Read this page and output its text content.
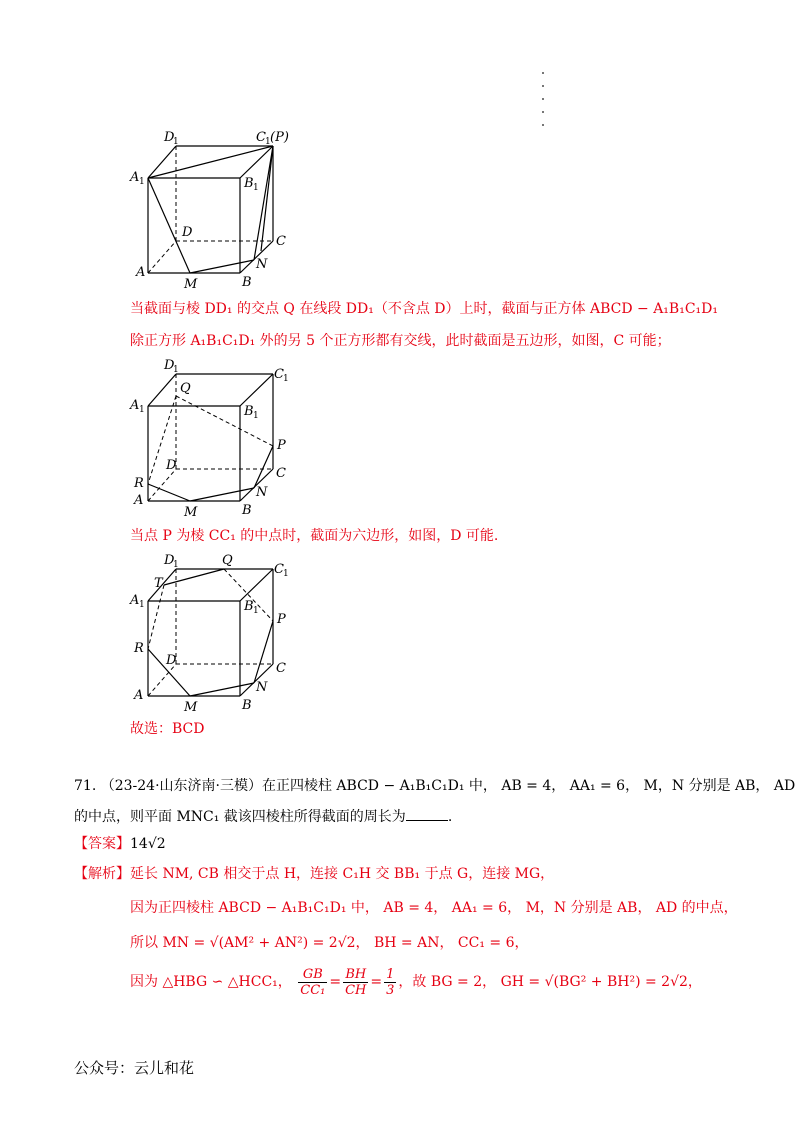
D
1	C 1 (P)
A 1	B 1
D
C
A
M	B
N
当截面与棱 DD₁ 的交点 Q 在线段 DD₁（不含点 D）上时，截面与正方体 ABCD − A₁B₁C₁D₁
除正方形 A₁B₁C₁D₁ 外的另 5 个正方形都有交线，此时截面是五边形，如图，C 可能；
D
1	C 1
Q
A 1	B 1
P
D
C
R
A
N
M	B
当点 P 为棱 CC₁ 的中点时，截面为六边形，如图，D 可能.
D
1	Q
C 1
T
A 1	B 1
P
R
D
C
A
N
M	B
故选：BCD
71. （23-24·山东济南·三模）在正四棱柱 ABCD − A₁B₁C₁D₁ 中， AB = 4， AA₁ = 6， M，N 分别是 AB， AD
的中点，则平面 MNC₁ 截该四棱柱所得截面的周长为	.
【答案】14√2
【解析】延长 NM, CB 相交于点 H，连接 C₁H 交 BB₁ 于点 G，连接 MG，
因为正四棱柱 ABCD − A₁B₁C₁D₁ 中， AB = 4， AA₁ = 6， M，N 分别是 AB， AD 的中点，
所以 MN = √(AM² + AN²) = 2√2， BH = AN， CC₁ = 6，
因为 △HBG ∽ △HCC₁， $\frac{GB}{\text{CC₁}} = \frac{BH}{CH} = \frac{1}{3}$ ，故 BG = 2， GH = √(BG² + BH²) = 2√2，
公众号：云儿和花
